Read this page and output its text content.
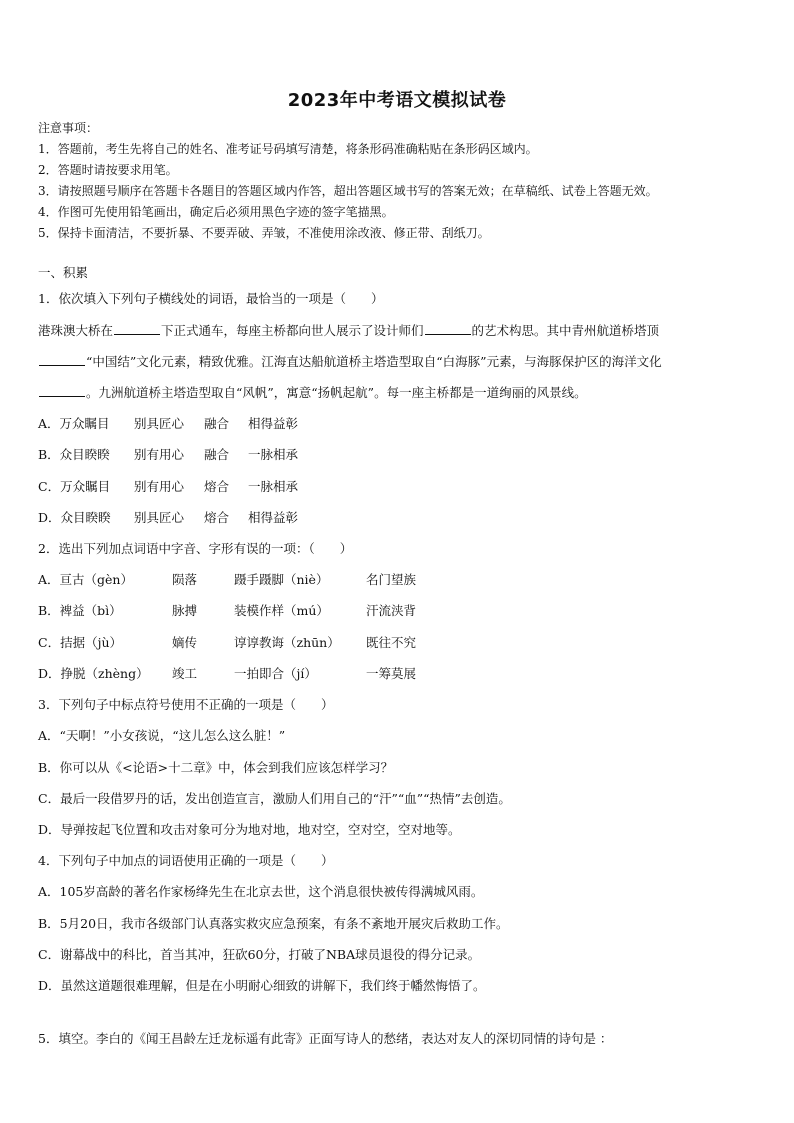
2023年中考语文模拟试卷
注意事项：
1．答题前，考生先将自己的姓名、准考证号码填写清楚，将条形码准确粘贴在条形码区域内。
2．答题时请按要求用笔。
3．请按照题号顺序在答题卡各题目的答题区域内作答，超出答题区域书写的答案无效；在草稿纸、试卷上答题无效。
4．作图可先使用铅笔画出，确定后必须用黑色字迹的签字笔描黑。
5．保持卡面清洁，不要折暴、不要弄破、弄皱，不准使用涂改液、修正带、刮纸刀。
一、积累
1．依次填入下列句子横线处的词语，最恰当的一项是（　　）
港珠澳大桥在	下正式通车，每座主桥都向世人展示了设计师们	的艺术构思。其中青州航道桥塔顶
“中国结”文化元素，精致优雅。江海直达船航道桥主塔造型取自“白海豚”元素，与海豚保护区的海洋文化
。九洲航道桥主塔造型取自“风帆”，寓意“扬帆起航”。每一座主桥都是一道绚丽的风景线。
A．万众瞩目 别具匠心 融合 相得益彰
B．众目睽睽 别有用心 融合 一脉相承
C．万众瞩目 别有用心 熔合 一脉相承
D．众目睽睽 别具匠心 熔合 相得益彰
2．选出下列加点词语中字音、字形有误的一项：（　　）
A．亘古（gèn）	陨落	蹑手蹑脚（niè）	名门望族
B．裨益（bì）	脉搏	装模作样（mú）	汗流浃背
C．拮据（jù）	嫡传	谆谆教诲（zhūn） 既往不究
D．挣脱（zhèng） 竣工	一拍即合（jí）	一筹莫展
3．下列句子中标点符号使用不正确的一项是（　　）
A．“天啊！”小女孩说，“这儿怎么这么脏！”
B．你可以从《<论语>十二章》中，体会到我们应该怎样学习？
C．最后一段借罗丹的话，发出创造宣言，激励人们用自己的“汗”“血”“热情”去创造。
D．导弹按起飞位置和攻击对象可分为地对地，地对空，空对空，空对地等。
4．下列句子中加点的词语使用正确的一项是（　　）
A．105岁高龄的著名作家杨绛先生在北京去世，这个消息很快被传得满城风雨。
B．5月20日，我市各级部门认真落实救灾应急预案，有条不紊地开展灾后救助工作。
C．谢幕战中的科比，首当其冲，狂砍60分，打破了NBA球员退役的得分记录。
D．虽然这道题很难理解，但是在小明耐心细致的讲解下，我们终于幡然悔悟了。
5．填空。李白的《闻王昌龄左迁龙标遥有此寄》正面写诗人的愁绪，表达对友人的深切同情的诗句是 ：
